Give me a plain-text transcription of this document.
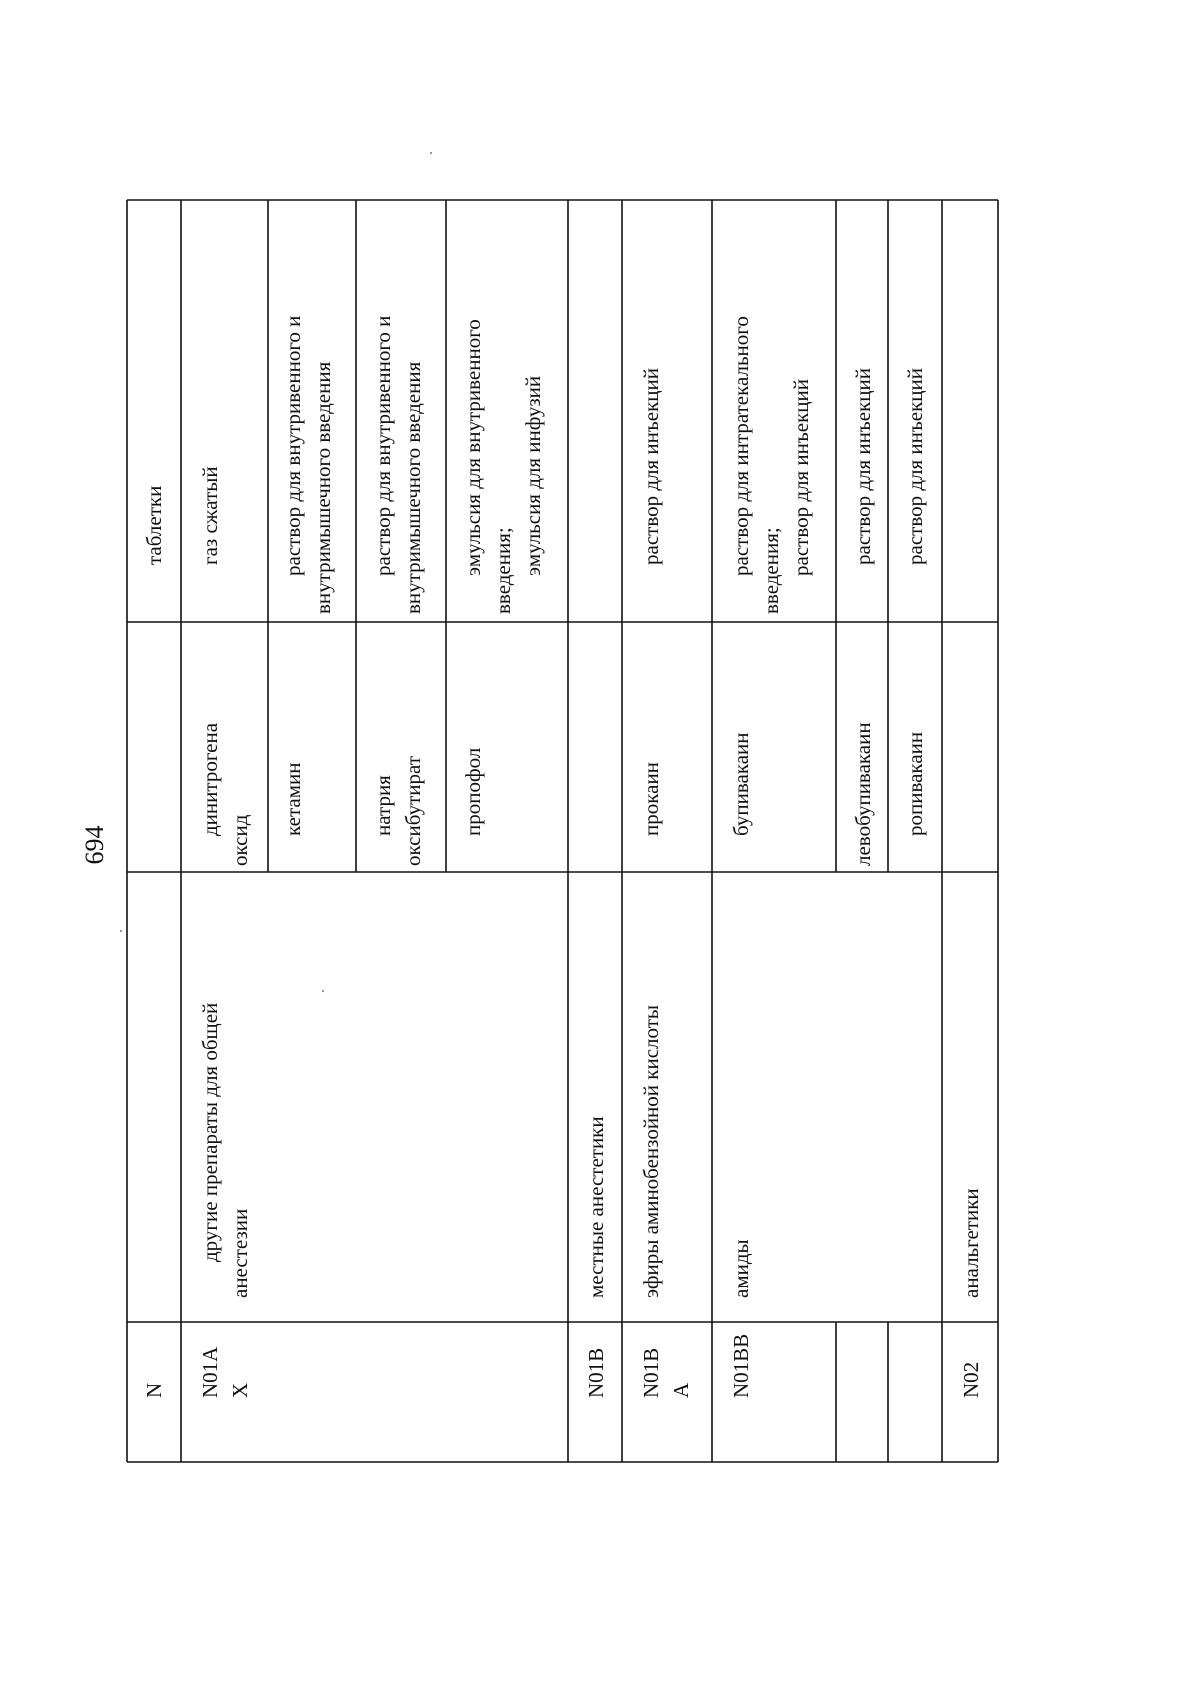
694
N
таблетки
N01A X
другие препараты для общей анестезии
динитрогена
оксид
газ сжатый
кетамин
раствор для внутривенного и внутримышечного введения
натрия оксибутират
раствор для внутривенного и внутримышечного введения
пропофол
эмульсия для внутривенного введения; эмульсия для инфузий
N01B
местные анестетики
N01B A
эфиры аминобензойной кислоты
прокаин
раствор для инъекций
N01BB
амиды
бупивакаин
раствор для интратекального введения; раствор для инъекций
левобупивакаин
раствор для инъекций
ропивакаин
раствор для инъекций
N02
анальгетики
